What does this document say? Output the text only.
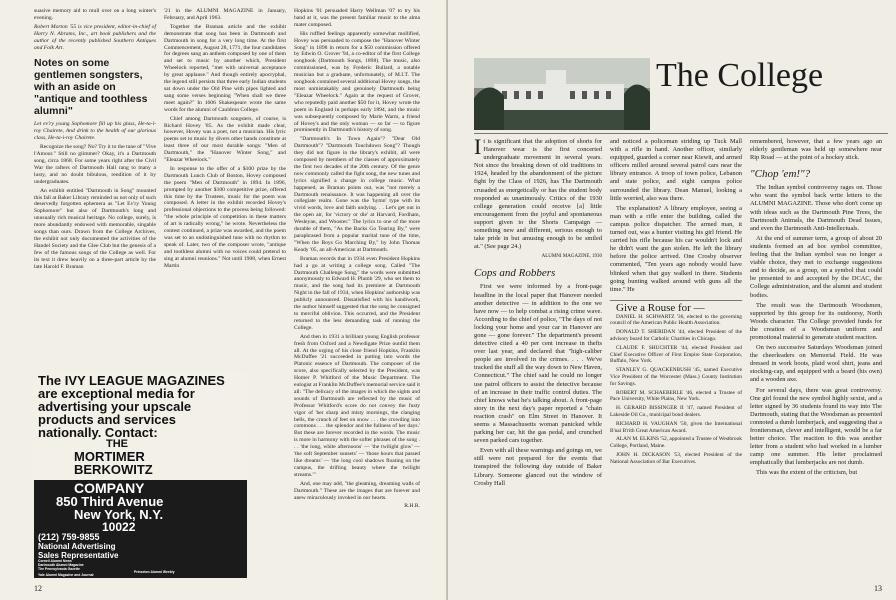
suasive memory aid to mull over on a long winter's evening.

Robert Morton '55 is vice president, editor-in-chief of Harry N. Abrams, Inc., art book publishers and the author of the recently published Southern Antiques and Folk Art.

Notes on some gentlemen songsters, with an aside on "antique and toothless alumni"

Let ev'ry young Sophomore fill up his glass, He-ta-i-roy Chairete, And drink to the health of our glorious class, He-ta-i-roy Chairete.

Recognize the song? No? Try it to the tune of "Vive l'Amour." Still no glimmer? Okay, it's a Dartmouth song, circa 1868. For some years right after the Civil War the rafters of Dartmouth Hall rang to many a lusty, and no doubt bibulous, rendition of it by undergraduates.

An exhibit entitled "Dartmouth in Song" mounted this fall at Baker Library reminded us not only of such deservedly forgotten ephemera as "Let Ev'ry Young Sophomore" but also of Dartmouth's long and unusually rich musical heritage. No college, surely, is more abundantly endowed with memorable, singable songs than ours. Drawn from the College Archives, the exhibit not only documented the activities of the Handel Society and the Glee Club but the genesis of a few of the famous songs of the College as well. For its text it drew heavily on a three-part article by the late Harold F. Braman

'21 in the ALUMNI MAGAZINE in January, February, and April 1963.

Together the Braman article and the exhibit demonstrate that song has been in Dartmouth and Dartmouth in song for a very long time. At the first Commencement, August 28, 1771, the four candidates for degrees sang an anthem composed by one of them and set to music by another which, President Wheelock reported, "met with universal acceptance by great applause." And though entirely apocryphal, the legend still persists that three early Indian students sat down under the Old Pine with pipes lighted and sang some verses beginning "When shall we three meet again?" In 1606 Shakespeare wrote the same words for the alumni of Cauldron College.

Chief among Dartmouth songsters, of course, is Richard Hovey '85. As the exhibit made clear, however, Hovey was a poet, not a musician. His lyric poems set to music by divers other hands constitute at least three of our most durable songs: "Men of Dartmouth," the "Hanover Winter Song," and "Eleazar Wheelock."

In response to the offer of a $100 prize by the Dartmouth Lunch Club of Boston, Hovey composed the poem "Men of Dartmouth" in 1894. In 1896, prompted by another $100 competitive prize, offered this time by the Trustees, music for the poem was composed. A letter in the exhibit recorded Hovey's professional objections to the process being followed: "the whole principle of competition in these matters of art is radically wrong," he wrote. Nevertheless the contest continued, a prize was awarded, and the poem was set to an undistinguished tune with no rhythm to speak of. Later, two of the composer wrote, "antique and toothless alumni with no voices could pretend to sing at alumni reunions." Not until 1908, when Ernest Martin

Hopkins '01 persuaded Harry Wellman '07 to try his hand at it, was the present familiar music to the alma mater composed.

His ruffled feelings apparently somewhat mollified, Hovey was persuaded to compose the "Hanover Winter Song" in 1898 in return for a $50 commission offered by Edwin O. Grover '94, a co-editor of the first College songbook (Dartmouth Songs, 1898). The music, also commissioned, was by Frederic Bullard, a notable musician but a graduate, unfortunately, of M.I.T. The songbook contained several additional Hovey songs, the most unmistakably and genuinely Dartmouth being "Eleazar Wheelock." Again at the request of Grover, who reputedly paid another $50 for it, Hovey wrote the poem in England in perhaps early 1894, and the music was subsequently composed by Marie Warm, a friend of Hovey's and the only woman — so far — to figure prominently in Dartmouth's history of song.

"Dartmouth's In Town Again"? "Dear Old Dartmouth"? "Dartmouth Touchdown Song"? Though they did not figure in the library's exhibit, all were composed by members of the classes of approximately the first two decades of the 20th century. Of the genre now commonly called the fight song, the new tunes and lyrics signified a change in college music. What happened, as Braman points out, was "not merely a Dartmouth renaissance. It was happening all over the collegiate realm. Gone was the 'hymn' type with its vivid words, love and faith undying. . . Let's get out in the open air, for 'victory or die' at Harvard, Fordham, Wesleyan, and Wooster." The lyrics to one of the more durable of them, "As the Backs Go Tearing By," were paraphrased from a popular marital tune of the time, "When the Boys Go Marching By," by John Thomas Keady '05, an all-American at Dartmouth.

Braman records that in 1934 even President Hopkins had a go at writing a college song. Called "The Dartmouth Challenge Song," the words were submitted anonymously to Edward H. Plumb '29, who set them to music, and the song had its premiere at Dartmouth Night in the fall of 1934, when Hopkins' authorship was publicly announced. Dissatisfied with his handiwork, the author himself suggested that the song be consigned to merciful oblivion. This occurred, and the President returned to the less demanding task of running the College.

And then in 1931 a brilliant young English professor fresh from Oxford and a Newdigate Prize outdid them all. At the urging of his close friend Hopkins, Franklin McDuffee '21 succeeded in putting into words the Platonic essence of Dartmouth. The composer of the score, also specifically selected by the President, was Homer P. Whitford of the Music Department. The eulogist at Franklin McDuffee's memorial service said it all: "The delicacy of the images in which the sights and sounds of Dartmouth are reflected by the music of Professor Whitford's score do not convey the fusty vigor of 'her sharp and misty mornings, the clanging bells, the crunch of feet on snow . . . the crowding into commons . . . the splendor and the fullness of her days.' But these are forever recorded in the words. The music is more in harmony with the softer phrases of the song . . . 'the long, white afternoons' — 'the twilight glow' — 'the soft September sunsets' — 'those hours that passed like dreams' — 'the long cool shadows floating on the campus, the drifting beauty where the twilight streams.'"

And, one may add, "the gleaming, dreaming walls of Dartmouth." These are the images that are forever and anew miraculously invoked in our hearts.

R.H.R.

The IVY LEAGUE MAGAZINES
are exceptional media for
advertising your upscale
products and services
nationally. Contact:
THE
MORTIMER
BERKOWITZ
COMPANY
850 Third Avenue
New York, N.Y.
10022
(212) 759-9855
National Advertising
Sales Representative
Cornell Alumni News
Dartmouth Alumni Magazine
The Pennsylvania Gazette
Princeton Alumni Weekly
Yale Alumni Magazine and Journal
12
The College

It is significant that the adoption of shorts for Hanover wear is the first concerted undergraduate movement in several years. Not since the breaking down of old traditions in 1924, headed by the abandonment of the picture fight by the Class of 1926, has The Dartmouth crusaded as energetically or has the student body responded as unanimously. Critics of the 1930 college generation could receive [a] little encouragement from the joyful and spontaneous support given to the Shorts Campaign — something new and different, serious enough to take pride in but amusing enough to be smiled at." (See page 24.)

ALUMNI MAGAZINE, 1930

Cops and Robbers

First we were informed by a front-page headline in the local paper that Hanover needed another detective — in addition to the one we have now — to help combat a rising crime wave. According to the chief of police, "The days of not locking your home and your car in Hanover are gone — gone forever." The department's present detective cited a 40 per cent increase in thefts over last year, and declared that "high-caliber people are involved in the crimes. . . . We've tracked the stuff all the way down to New Haven, Connecticut." The chief said he could no longer use patrol officers to assist the detective because of an increase in their traffic control duties. The chief knows what he's talking about. A front-page story in the next day's paper reported a "chain reaction crash" on Elm Street in Hanover. It seems a Massachusetts woman panicked while parking her car, hit the gas pedal, and crunched seven parked cars together.

Even with all these warnings and goings on, we still were not prepared for the events that transpired the following day outside of Baker Library. Someone glanced out the window of Crosby Hall

and noticed a policeman striding up Tuck Mall with a rifle in hand. Another officer, similarly equipped, guarded a corner near Kiewit, and armed officers milled around several patrol cars near the library entrance. A troop of town police, Lebanon and state police, and eight campus police surrounded the library. Dean Manuel, looking a little worried, also was there.

The explanation? A library employee, seeing a man with a rifle enter the building, called the campus police dispatcher. The armed man, it turned out, was a hunter visiting his girl friend. He carried his rifle because his car wouldn't lock and he didn't want the gun stolen. He left the library before the police arrived. One Crosby observer commented, "Ten years ago nobody would have blinked when that guy walked in there. Students going hunting walked around with guns all the time." He

Give a Rouse for —

DANIEL H. SCHWARTZ '36, elected to the governing council of the American Public Health Association.

DONALD T. SHERIDAN '44, elected President of the advisory board for Catholic Charities in Chicago.

CLAUDE F. SHUCHTER '44, elected President and Chief Executive Officer of First Empire State Corporation, Buffalo, New York.

STANLEY G. QUACKENBUSH '45, named Executive Vice President of the Worcester (Mass.) County Institution for Savings.

ROBERT M. SCHAEBERLE '46, elected a Trustee of Pace University, White Plains, New York.

H. GERARD BISSINGER II '47, named President of Lakeside Oil Co., municipal bond dealers.

RICHARD H. VAUGHAN '50, given the International B'nai B'rith Great American Award.

ALAN M. ELKINS '52, appointed a Trustee of Westbrook College, Portland, Maine.

JOHN H. DICKASON '53, elected President of the National Association of Bar Executives.

remembered, however, that a few years ago an elderly gentleman was held up somewhere near Rip Road — at the point of a hockey stick.

"Chop 'em!"?

The Indian symbol controversy rages on. Those who want the symbol back write letters to the ALUMNI MAGAZINE. Those who don't come up with ideas such as the Dartmouth Pine Trees, the Dartmouth Animals, the Dartmouth Dead Issues, and even the Dartmouth Anti-Intellectuals.

At the end of summer term, a group of about 20 students formed an ad hoc symbol committee, feeling that the Indian symbol was no longer a viable choice, they met to exchange suggestions and to decide, as a group, on a symbol that could be presented to and accepted by the DCAC, the College administration, and the alumni and student bodies.

The result was the Dartmouth Woodsmen, supported by this group for its outdoorsy, North Woods character. The College provided funds for the creation of a Woodsman uniform and promotional material to generate student reaction.

On two successive Saturdays Woodsman joined the cheerleaders on Memorial Field. He was dressed in work boots, plaid wool shirt, jeans and stocking-cap, and equipped with a beard (his own) and a wooden axe.

For several days, there was great controversy. One girl found the new symbol highly sexist, and a letter signed by 36 students found its way into The Dartmouth, stating that the Woodsman as presented connoted a dumb lumberjack, and suggesting that a frontiersman, clever and intelligent, would be a far better choice. The reaction to this was another letter from a student who had worked in a lumber camp one summer. His letter proclaimed emphatically that lumberjacks are not dumb.

This was the extent of the criticism, but

13
